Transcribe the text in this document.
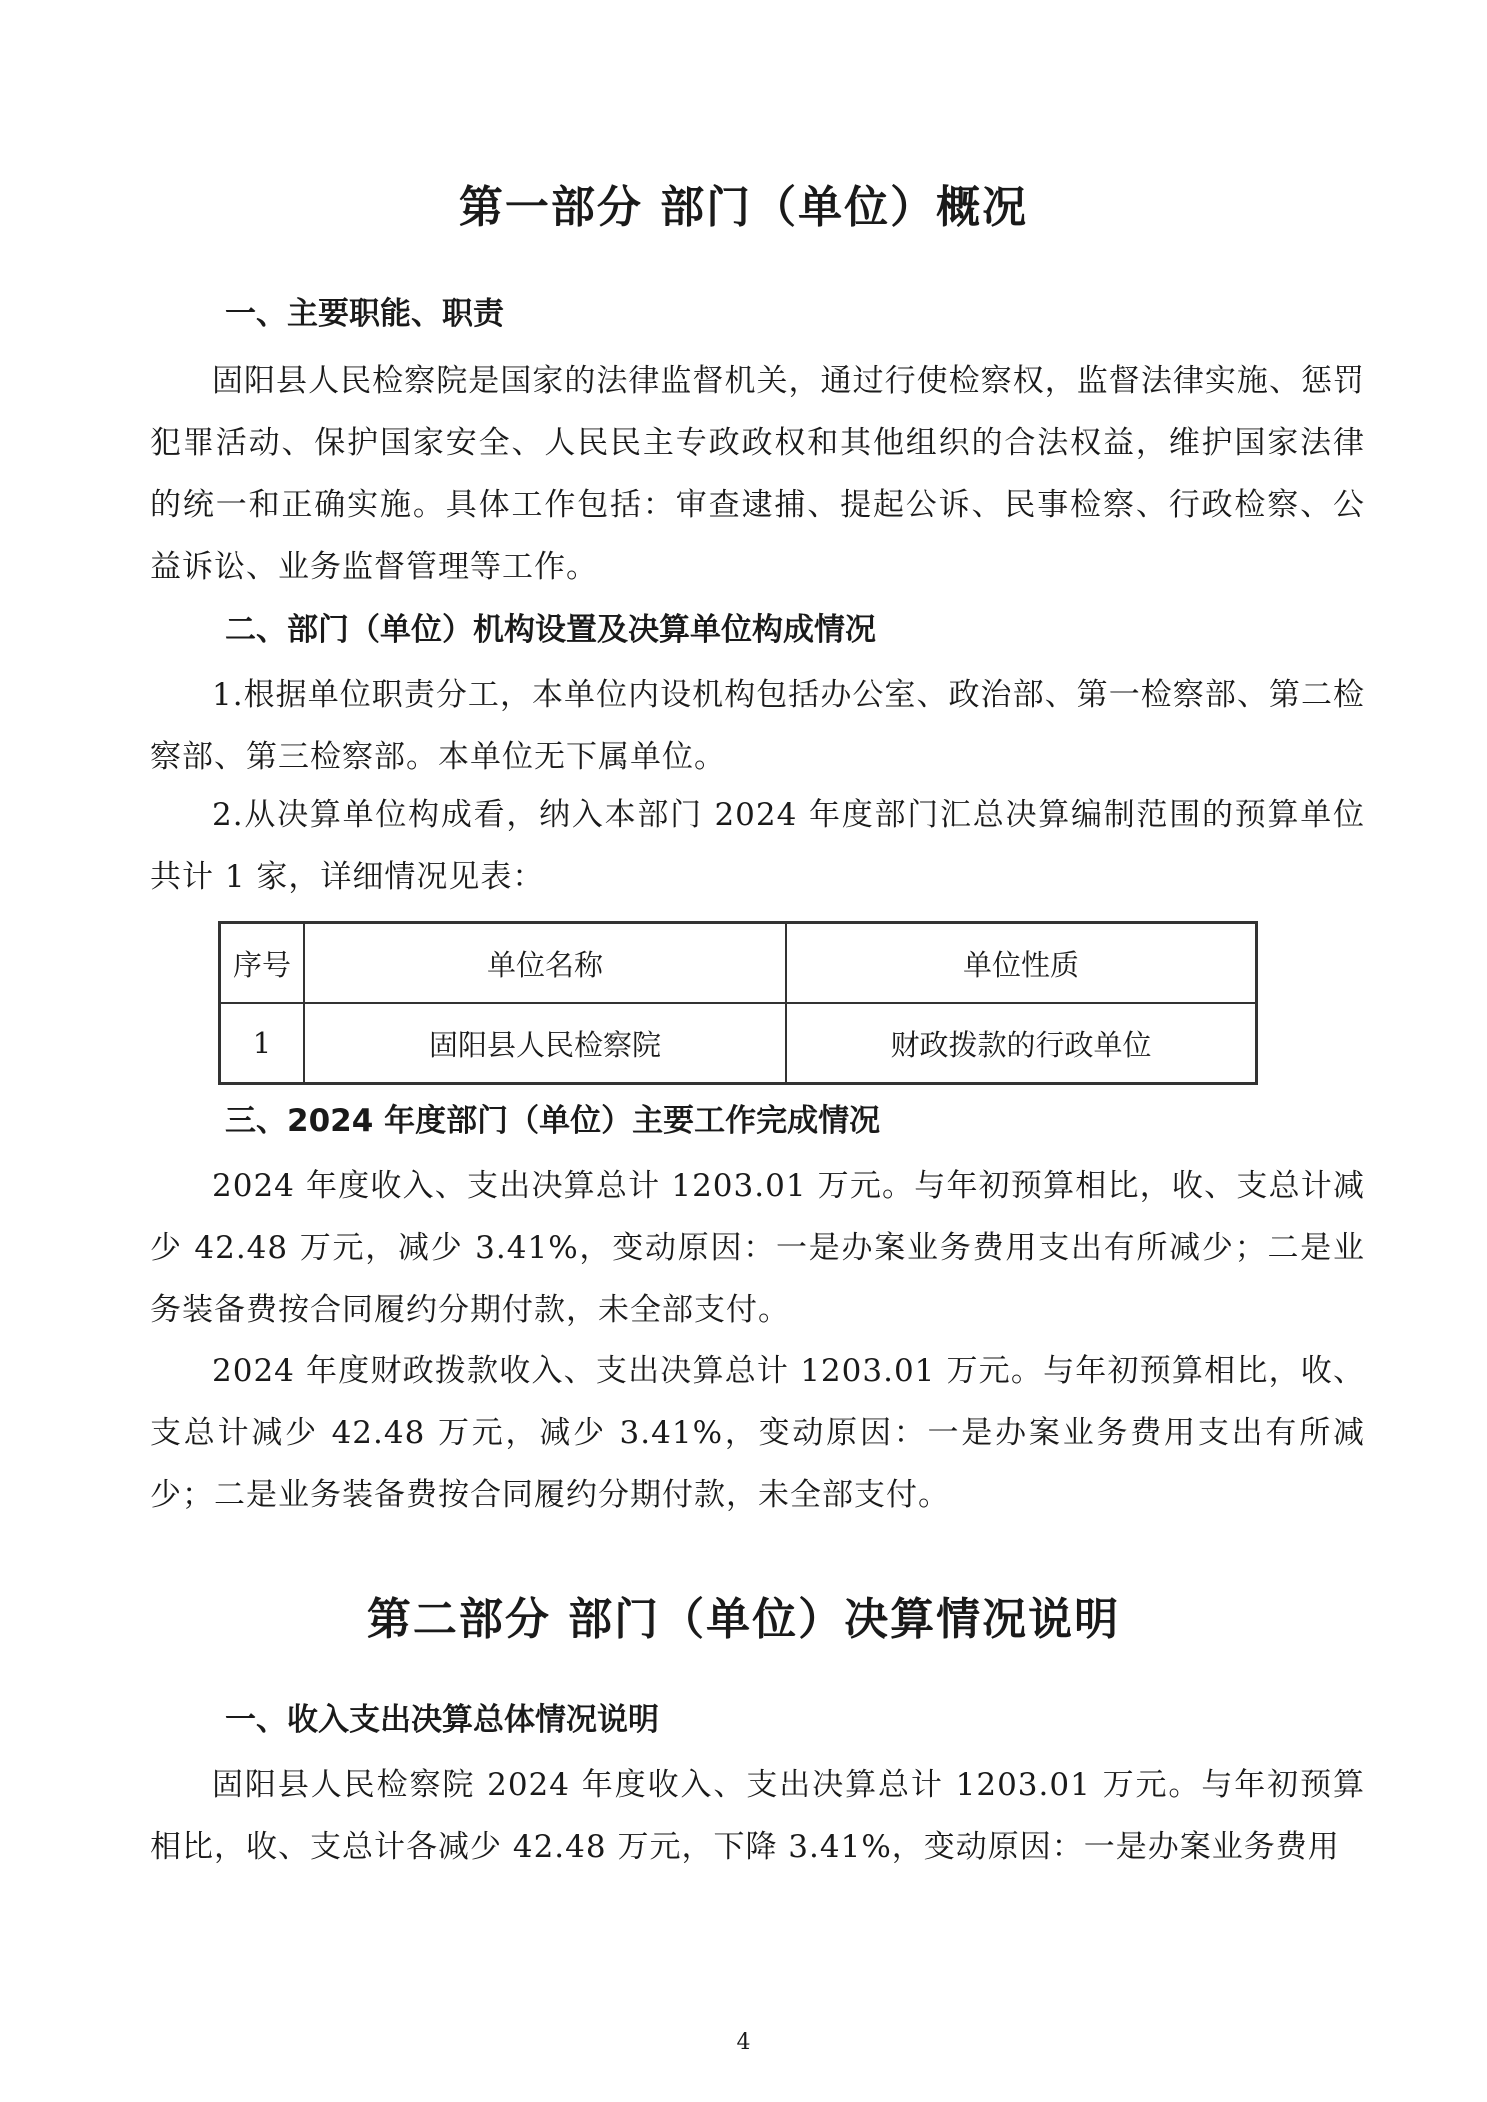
第一部分 部门（单位）概况
一、主要职能、职责

固阳县人民检察院是国家的法律监督机关，通过行使检察权，监督法律实施、惩罚犯罪活动、保护国家安全、人民民主专政政权和其他组织的合法权益，维护国家法律的统一和正确实施。具体工作包括：审查逮捕、提起公诉、民事检察、行政检察、公益诉讼、业务监督管理等工作。

二、部门（单位）机构设置及决算单位构成情况

1.根据单位职责分工，本单位内设机构包括办公室、政治部、第一检察部、第二检察部、第三检察部。本单位无下属单位。

2.从决算单位构成看，纳入本部门 2024 年度部门汇总决算编制范围的预算单位共计 1 家，详细情况见表：

序号	单位名称	单位性质
1	固阳县人民检察院	财政拨款的行政单位
三、2024 年度部门（单位）主要工作完成情况

2024 年度收入、支出决算总计 1203.01 万元。与年初预算相比，收、支总计减少 42.48 万元，减少 3.41%，变动原因：一是办案业务费用支出有所减少；二是业务装备费按合同履约分期付款，未全部支付。

2024 年度财政拨款收入、支出决算总计 1203.01 万元。与年初预算相比，收、支总计减少 42.48 万元，减少 3.41%，变动原因：一是办案业务费用支出有所减少；二是业务装备费按合同履约分期付款，未全部支付。

第二部分 部门（单位）决算情况说明
一、收入支出决算总体情况说明

固阳县人民检察院 2024 年度收入、支出决算总计 1203.01 万元。与年初预算相比，收、支总计各减少 42.48 万元，下降 3.41%，变动原因：一是办案业务费用

4
